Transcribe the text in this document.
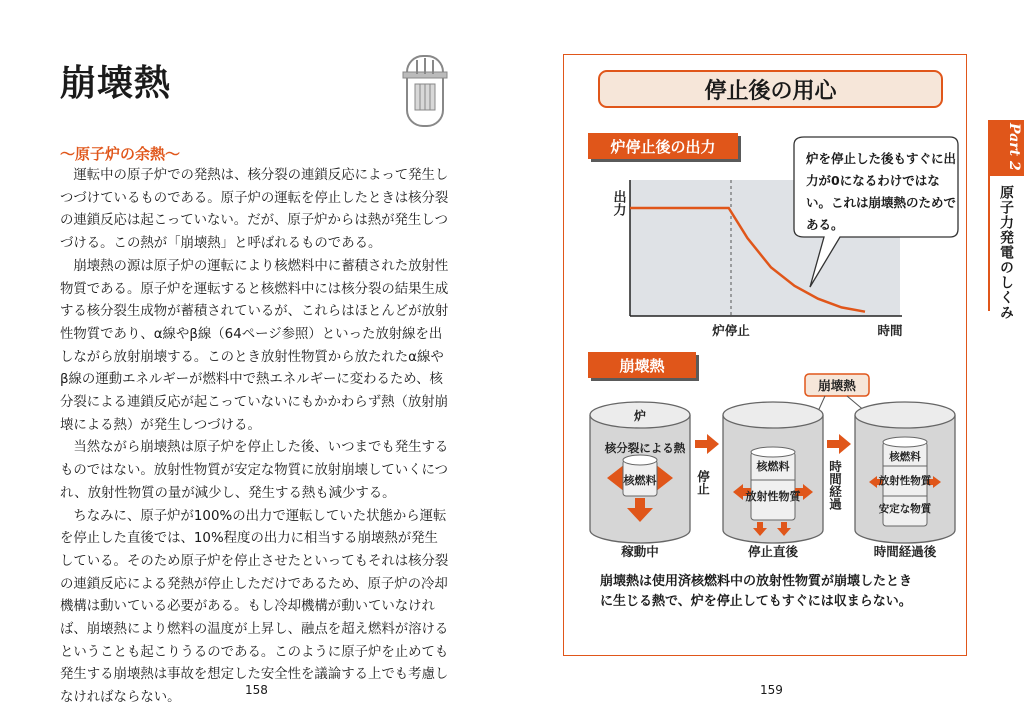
崩壊熱
〜原子炉の余熱〜

運転中の原子炉での発熱は、核分裂の連鎖反応によって発生しつづけているものである。原子炉の運転を停止したときは核分裂の連鎖反応は起こっていない。だが、原子炉からは熱が発生しつづける。この熱が「崩壊熱」と呼ばれるものである。

崩壊熱の源は原子炉の運転により核燃料中に蓄積された放射性物質である。原子炉を運転すると核燃料中には核分裂の結果生成する核分裂生成物が蓄積されているが、これらはほとんどが放射性物質であり、α線やβ線（64ページ参照）といった放射線を出しながら放射崩壊する。このとき放射性物質から放たれたα線やβ線の運動エネルギーが燃料中で熱エネルギーに変わるため、核分裂による連鎖反応が起こっていないにもかかわらず熱（放射崩壊による熱）が発生しつづける。

当然ながら崩壊熱は原子炉を停止した後、いつまでも発生するものではない。放射性物質が安定な物質に放射崩壊していくにつれ、放射性物質の量が減少し、発生する熱も減少する。

ちなみに、原子炉が100%の出力で運転していた状態から運転を停止した直後では、10%程度の出力に相当する崩壊熱が発生している。そのため原子炉を停止させたといってもそれは核分裂の連鎖反応による発熱が停止しただけであるため、原子炉の冷却機構は動いている必要がある。もし冷却機構が動いていなければ、崩壊熱により燃料の温度が上昇し、融点を超え燃料が溶けるということも起こりうるのである。このように原子炉を止めても発生する崩壊熱は事故を想定した安全性を議論する上でも考慮しなければならない。

158
停止後の用心
炉停止後の出力
出力
炉停止	時間
炉を停止した後もすぐに出力が0になるわけではない。これは崩壊熱のためである。
崩壊熱
崩壊熱
炉
核分裂による熱
核燃料
稼動中
停止
核燃料
放射性物質
停止直後
時間経過
核燃料
放射性物質
安定な物質
時間経過後
崩壊熱は使用済核燃料中の放射性物質が崩壊したときに生じる熱で、炉を停止してもすぐには収まらない。
159
Part 2
原子力発電のしくみ
